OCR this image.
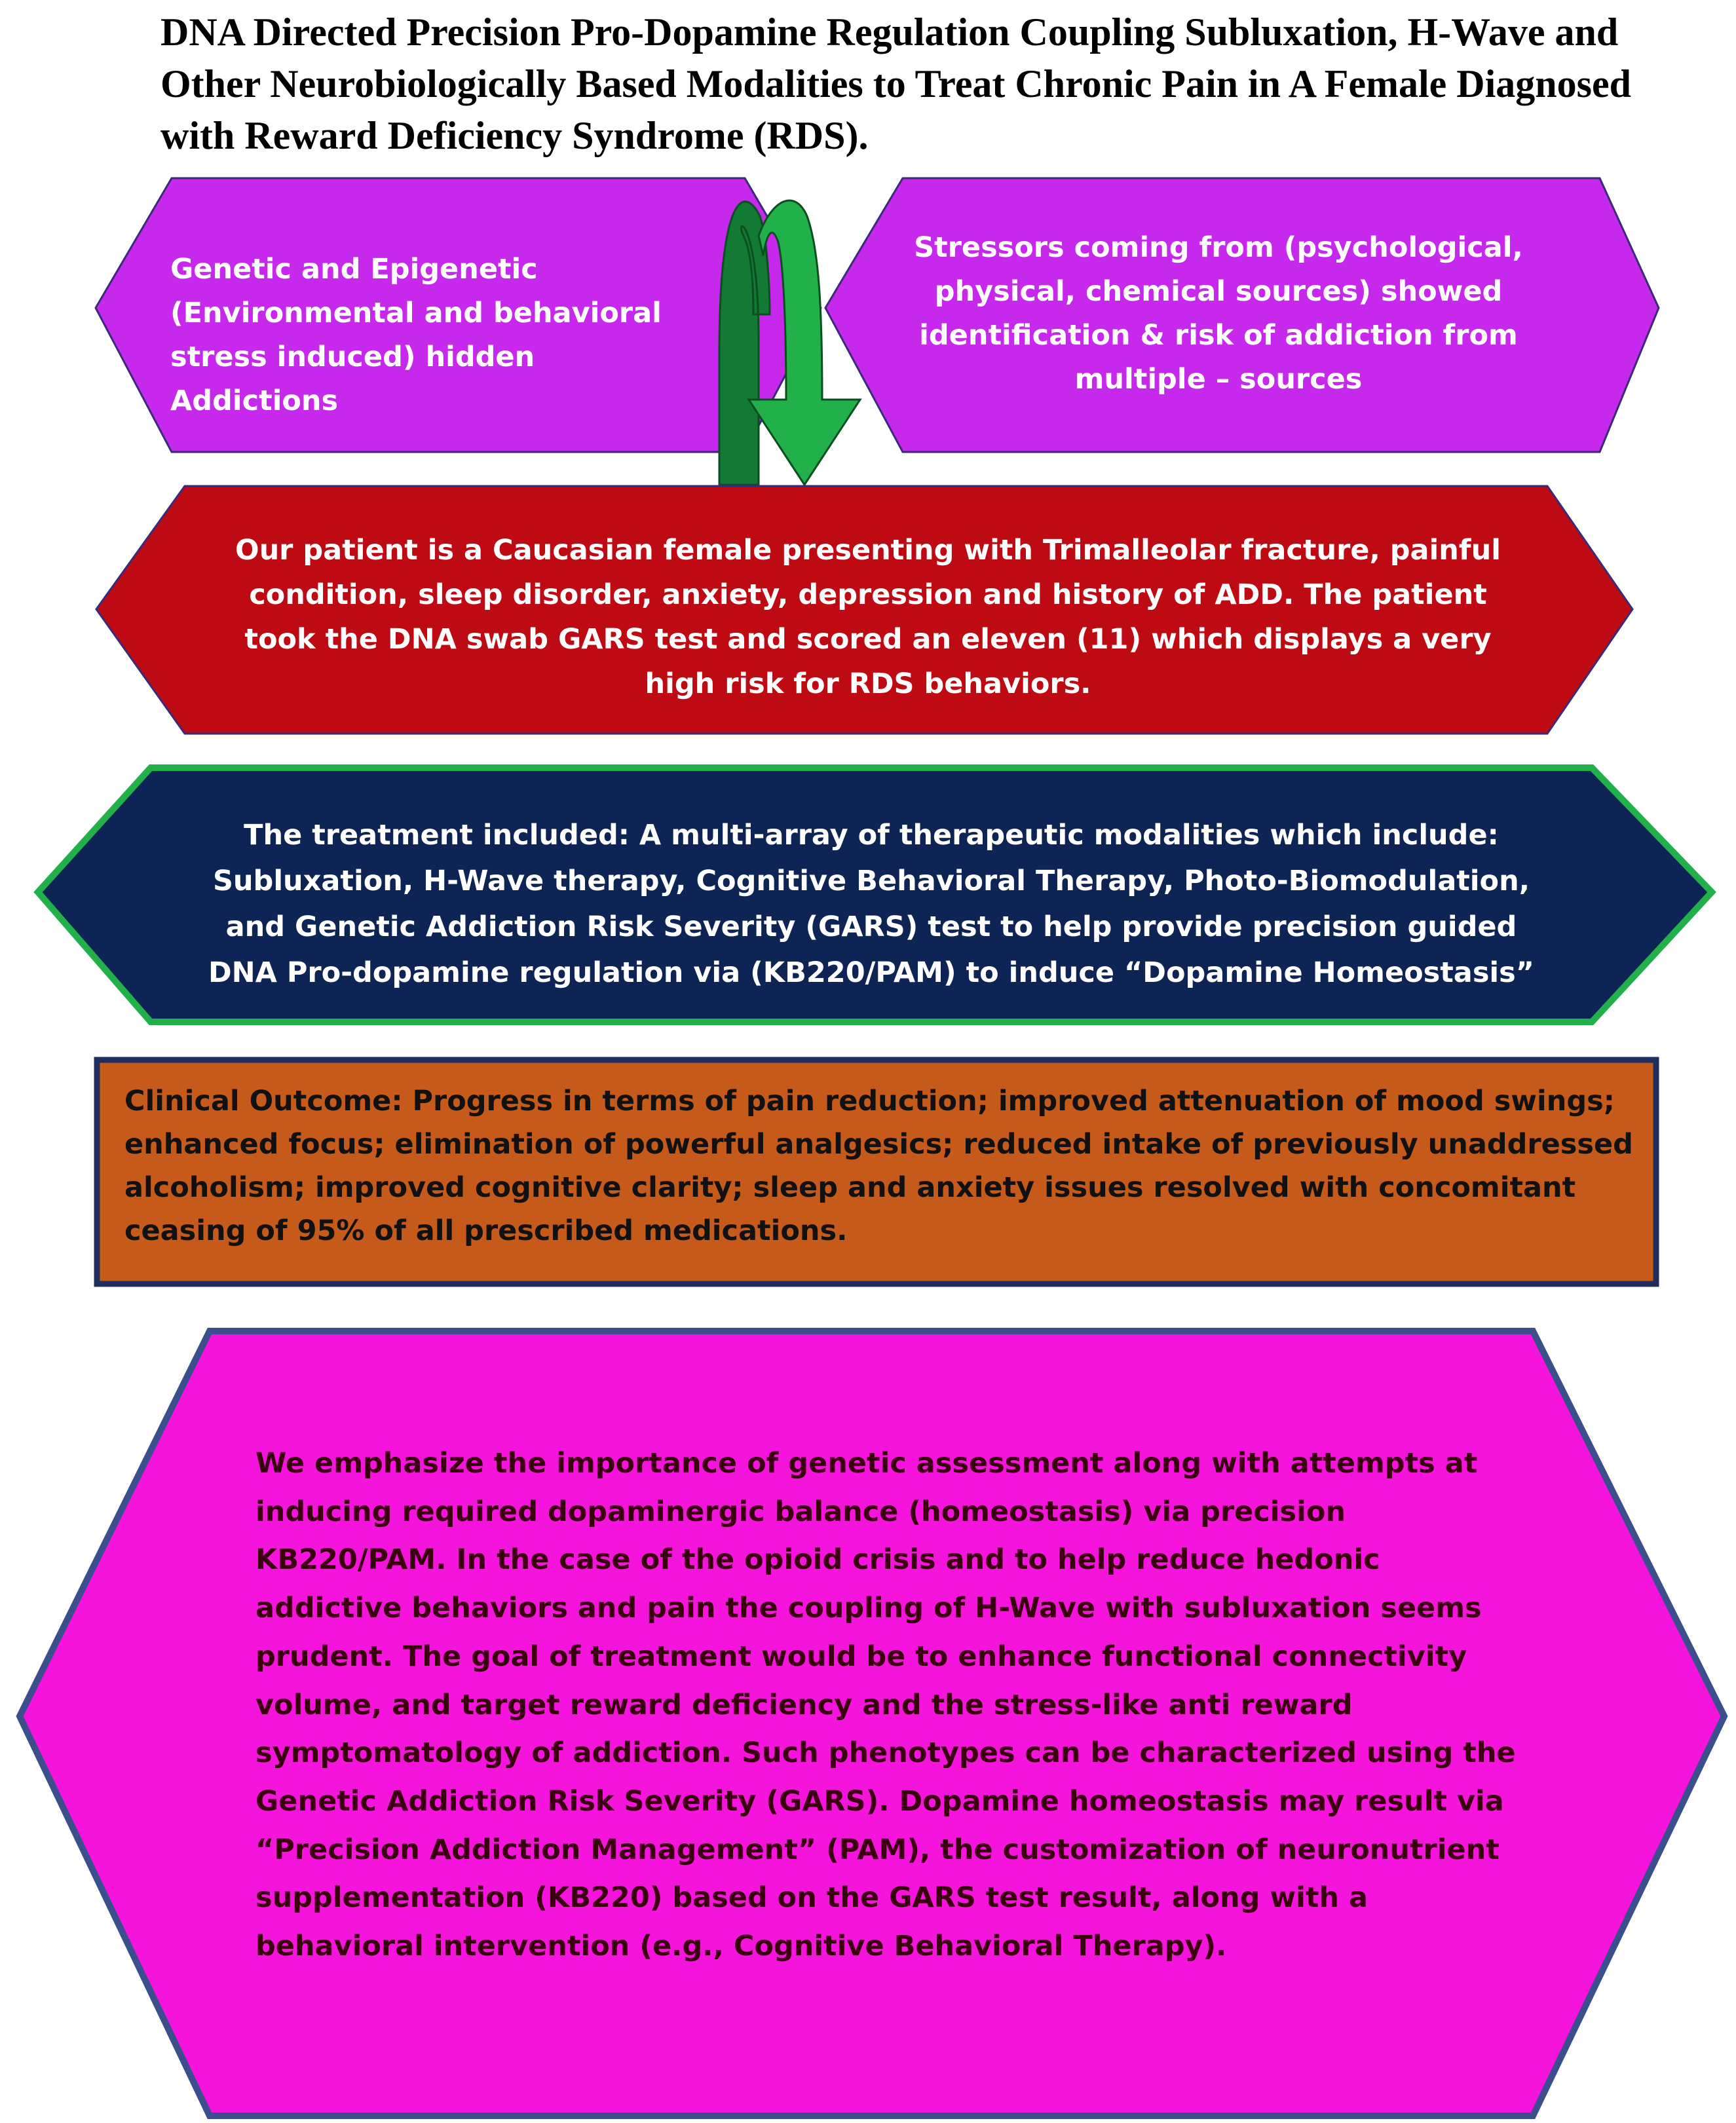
DNA Directed Precision Pro-Dopamine Regulation Coupling Subluxation, H-Wave and Other Neurobiologically Based Modalities to Treat Chronic Pain in A Female Diagnosed with Reward Deficiency Syndrome (RDS).

Genetic and Epigenetic (Environmental and behavioral stress induced) hidden Addictions

Stressors coming from (psychological, physical, chemical sources) showed identification & risk of addiction from multiple – sources

Our patient is a Caucasian female presenting with Trimalleolar fracture, painful condition, sleep disorder, anxiety, depression and history of ADD. The patient took the DNA swab GARS test and scored an eleven (11) which displays a very high risk for RDS behaviors.

The treatment included: A multi-array of therapeutic modalities which include: Subluxation, H-Wave therapy, Cognitive Behavioral Therapy, Photo-Biomodulation, and Genetic Addiction Risk Severity (GARS) test to help provide precision guided DNA Pro-dopamine regulation via (KB220/PAM) to induce “Dopamine Homeostasis”

Clinical Outcome: Progress in terms of pain reduction; improved attenuation of mood swings; enhanced focus; elimination of powerful analgesics; reduced intake of previously unaddressed alcoholism; improved cognitive clarity; sleep and anxiety issues resolved with concomitant ceasing of 95% of all prescribed medications.

We emphasize the importance of genetic assessment along with attempts at inducing required dopaminergic balance (homeostasis) via precision KB220/PAM. In the case of the opioid crisis and to help reduce hedonic addictive behaviors and pain the coupling of H-Wave with subluxation seems prudent. The goal of treatment would be to enhance functional connectivity volume, and target reward deficiency and the stress-like anti reward symptomatology of addiction. Such phenotypes can be characterized using the Genetic Addiction Risk Severity (GARS). Dopamine homeostasis may result via “Precision Addiction Management” (PAM), the customization of neuronutrient supplementation (KB220) based on the GARS test result, along with a behavioral intervention (e.g., Cognitive Behavioral Therapy).
